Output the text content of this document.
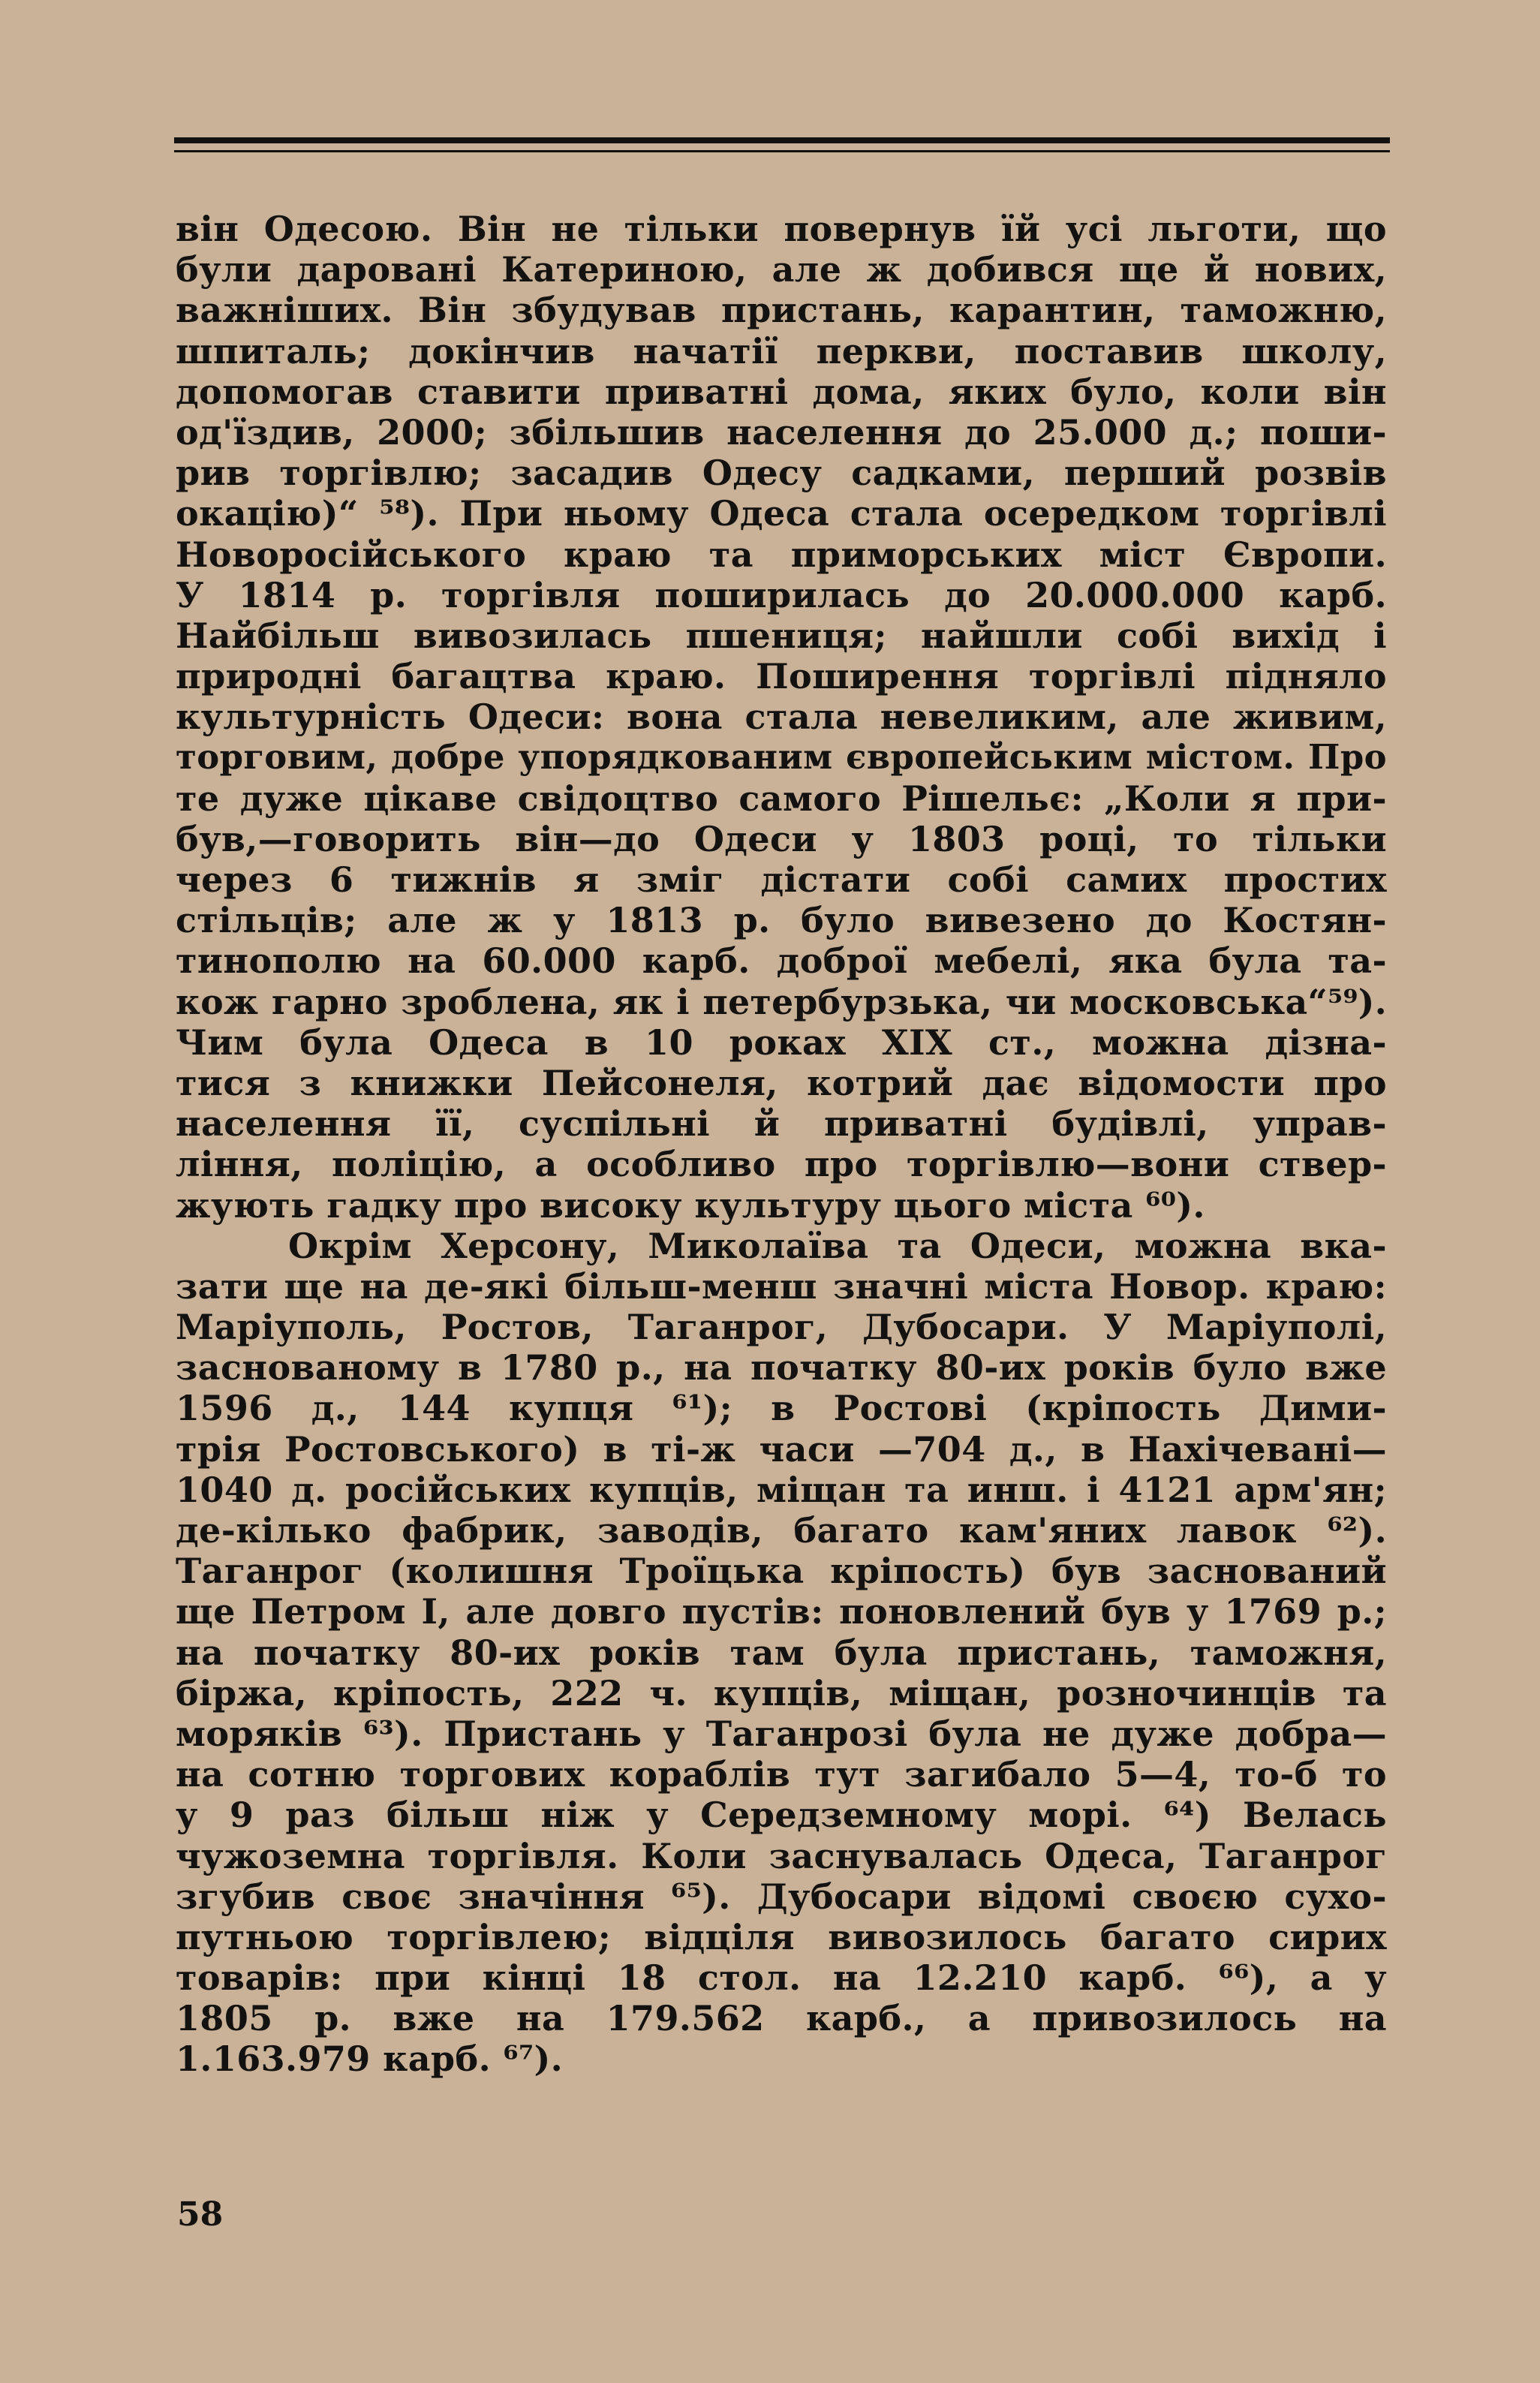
він Одесою. Він не тільки повернув їй усі льготи, що
були даровані Катериною, але ж добився ще й нових,
важніших. Він збудував пристань, карантин, таможню,
шпиталь; докінчив начатії перкви, поставив школу,
допомогав ставити приватні дома, яких було, коли він
од'їздив, 2000; збільшив населення до 25.000 д.; поши-
рив торгівлю; засадив Одесу садками, перший розвів
окацію)“ ⁵⁸). При ньому Одеса стала осередком торгівлі
Новоросійського краю та приморських міст Європи.
У 1814 р. торгівля поширилась до 20.000.000 карб.
Найбільш вивозилась пшениця; найшли собі вихід і
природні багацтва краю. Поширення торгівлі підняло
культурність Одеси: вона стала невеликим, але живим,
торговим, добре упорядкованим європейським містом. Про
те дуже цікаве свідоцтво самого Рішельє: „Коли я при-
був,—говорить він—до Одеси у 1803 році, то тільки
через 6 тижнів я зміг дістати собі самих простих
стільців; але ж у 1813 р. було вивезено до Костян-
тинополю на 60.000 карб. доброї мебелі, яка була та-
кож гарно зроблена, як і петербурзька, чи московська“⁵⁹).
Чим була Одеса в 10 роках XIX ст., можна дізна-
тися з книжки Пейсонеля, котрий дає відомости про
населення її, суспільні й приватні будівлі, управ-
ління, поліцію, а особливо про торгівлю—вони ствер-
жують гадку про високу культуру цього міста ⁶⁰).
Окрім Херсону, Миколаїва та Одеси, можна вка-
зати ще на де-які більш-менш значні міста Новор. краю:
Маріуполь, Ростов, Таганрог, Дубосари. У Маріуполі,
заснованому в 1780 р., на початку 80-их років було вже
1596 д., 144 купця ⁶¹); в Ростові (кріпость Дими-
трія Ростовського) в ті-ж часи —704 д., в Нахічевані—
1040 д. російських купців, міщан та инш. і 4121 арм'ян;
де-кілько фабрик, заводів, багато кам'яних лавок ⁶²).
Таганрог (колишня Троїцька кріпость) був заснований
ще Петром І, але довго пустів: поновлений був у 1769 р.;
на початку 80-их років там була пристань, таможня,
біржа, кріпость, 222 ч. купців, міщан, розночинців та
моряків ⁶³). Пристань у Таганрозі була не дуже добра—
на сотню торгових кораблів тут загибало 5—4, то-б то
у 9 раз більш ніж у Середземному морі. ⁶⁴) Велась
чужоземна торгівля. Коли заснувалась Одеса, Таганрог
згубив своє значіння ⁶⁵). Дубосари відомі своєю сухо-
путньою торгівлею; відціля вивозилось багато сирих
товарів: при кінці 18 стол. на 12.210 карб. ⁶⁶), а у
1805 р. вже на 179.562 карб., а привозилось на
1.163.979 карб. ⁶⁷).
58
